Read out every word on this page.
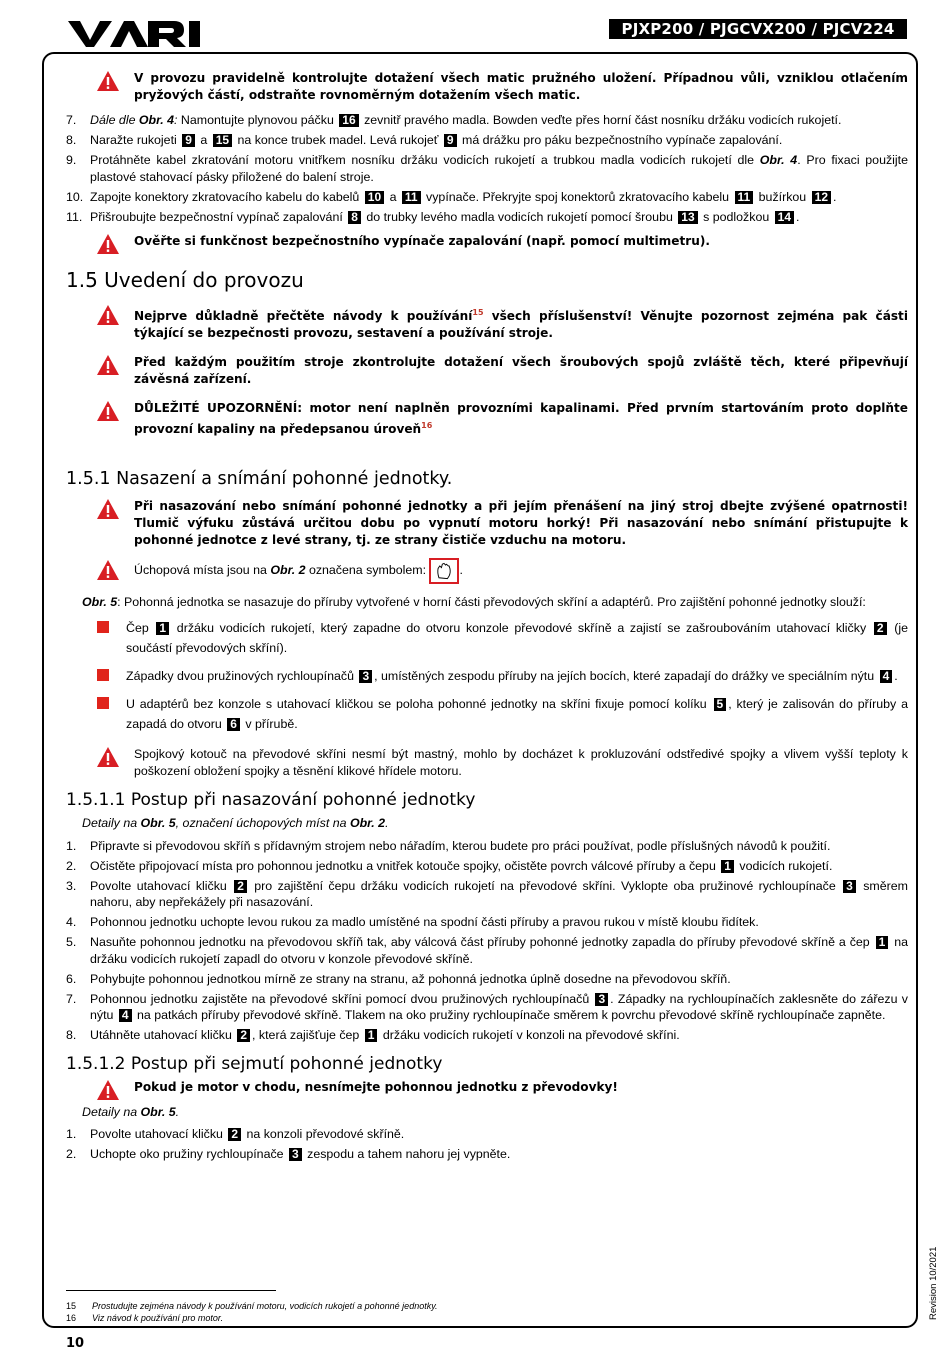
PJXP200 / PJGCVX200 / PJCV224
V provozu pravidelně kontrolujte dotažení všech matic pružného uložení. Případnou vůli, vzniklou otlačením pryžových částí, odstraňte rovnoměrným dotažením všech matic.
7.	Dále dle Obr. 4: Namontujte plynovou páčku 16 zevnitř pravého madla. Bowden veďte přes horní část nosníku držáku vodicích rukojetí.
8.	Naražte rukojeti 9 a 15 na konce trubek madel. Levá rukojeť 9 má drážku pro páku bezpečnostního vypínače zapalování.
9.	Protáhněte kabel zkratování motoru vnitřkem nosníku držáku vodicích rukojetí a trubkou madla vodicích rukojetí dle Obr. 4. Pro fixaci použijte plastové stahovací pásky přiložené do balení stroje.
10. Zapojte konektory zkratovacího kabelu do kabelů 10 a 11 vypínače. Překryjte spoj konektorů zkratovacího kabelu 11 bužírkou 12 .
11. Přišroubujte bezpečnostní vypínač zapalování 8 do trubky levého madla vodicích rukojetí pomocí šroubu 13 s podložkou 14 .
Ověřte si funkčnost bezpečnostního vypínače zapalování (např. pomocí multimetru).
1.5 Uvedení do provozu
Nejprve důkladně přečtěte návody k používání$^{15}$ všech příslušenství! Věnujte pozornost zejména pak části týkající se bezpečnosti provozu, sestavení a používání stroje.
Před každým použitím stroje zkontrolujte dotažení všech šroubových spojů zvláště těch, které připevňují závěsná zařízení.
DŮLEŽITÉ UPOZORNĚNÍ: motor není naplněn provozními kapalinami. Před prvním startováním proto doplňte provozní kapaliny na předepsanou úroveň$^{16}$
1.5.1 Nasazení a snímání pohonné jednotky.
Při nasazování nebo snímání pohonné jednotky a při jejím přenášení na jiný stroj dbejte zvýšené opatrnosti! Tlumič výfuku zůstává určitou dobu po vypnutí motoru horký! Při nasazování nebo snímání přistupujte k pohonné jednotce z levé strany, tj. ze strany čističe vzduchu na motoru.
Úchopová místa jsou na Obr. 2 označena symbolem: .
Obr. 5: Pohonná jednotka se nasazuje do příruby vytvořené v horní části převodových skříní a adaptérů. Pro zajištění pohonné jednotky slouží:
Čep 1 držáku vodicích rukojetí, který zapadne do otvoru konzole převodové skříně a zajistí se zašroubováním utahovací kličky 2 (je součástí převodových skříní).
Západky dvou pružinových rychloupínačů 3 , umístěných zespodu příruby na jejích bocích, které zapadají do drážky ve speciálním nýtu 4 .
U adaptérů bez konzole s utahovací kličkou se poloha pohonné jednotky na skříni fixuje pomocí kolíku 5 , který je zalisován do příruby a zapadá do otvoru 6 v přírubě.
Spojkový kotouč na převodové skříni nesmí být mastný, mohlo by docházet k prokluzování odstředivé spojky a vlivem vyšší teploty k poškození obložení spojky a těsnění klikové hřídele motoru.
1.5.1.1 Postup při nasazování pohonné jednotky
Detaily na Obr. 5, označení úchopových míst na Obr. 2.
1.	Připravte si převodovou skříň s přídavným strojem nebo nářadím, kterou budete pro práci používat, podle příslušných návodů k použití.
2.	Očistěte připojovací místa pro pohonnou jednotku a vnitřek kotouče spojky, očistěte povrch válcové příruby a čepu 1 vodicích rukojetí.
3.	Povolte utahovací kličku 2 pro zajištění čepu držáku vodicích rukojetí na převodové skříni. Vyklopte oba pružinové rychloupínače 3 směrem nahoru, aby nepřekážely při nasazování.
4.	Pohonnou jednotku uchopte levou rukou za madlo umístěné na spodní části příruby a pravou rukou v místě kloubu řidítek.
5.	Nasuňte pohonnou jednotku na převodovou skříň tak, aby válcová část příruby pohonné jednotky zapadla do příruby převodové skříně a čep 1 na držáku vodicích rukojetí zapadl do otvoru v konzole převodové skříně.
6.	Pohybujte pohonnou jednotkou mírně ze strany na stranu, až pohonná jednotka úplně dosedne na převodovou skříň.
7.	Pohonnou jednotku zajistěte na převodové skříni pomocí dvou pružinových rychloupínačů 3 . Západky na rychloupínačích zaklesněte do zářezu v nýtu 4 na patkách příruby převodové skříně. Tlakem na oko pružiny rychloupínače směrem k povrchu převodové skříně rychloupínače zapněte.
8.	Utáhněte utahovací kličku 2 , která zajišťuje čep 1 držáku vodicích rukojetí v konzoli na převodové skříni.
1.5.1.2 Postup při sejmutí pohonné jednotky
Pokud je motor v chodu, nesnímejte pohonnou jednotku z převodovky!
Detaily na Obr. 5.
1.	Povolte utahovací kličku 2 na konzoli převodové skříně.
2.	Uchopte oko pružiny rychloupínače 3 zespodu a tahem nahoru jej vypněte.
15	Prostudujte zejména návody k používání motoru, vodicích rukojetí a pohonné jednotky.
16	Viz návod k používání pro motor.
10
Revision 10/2021
